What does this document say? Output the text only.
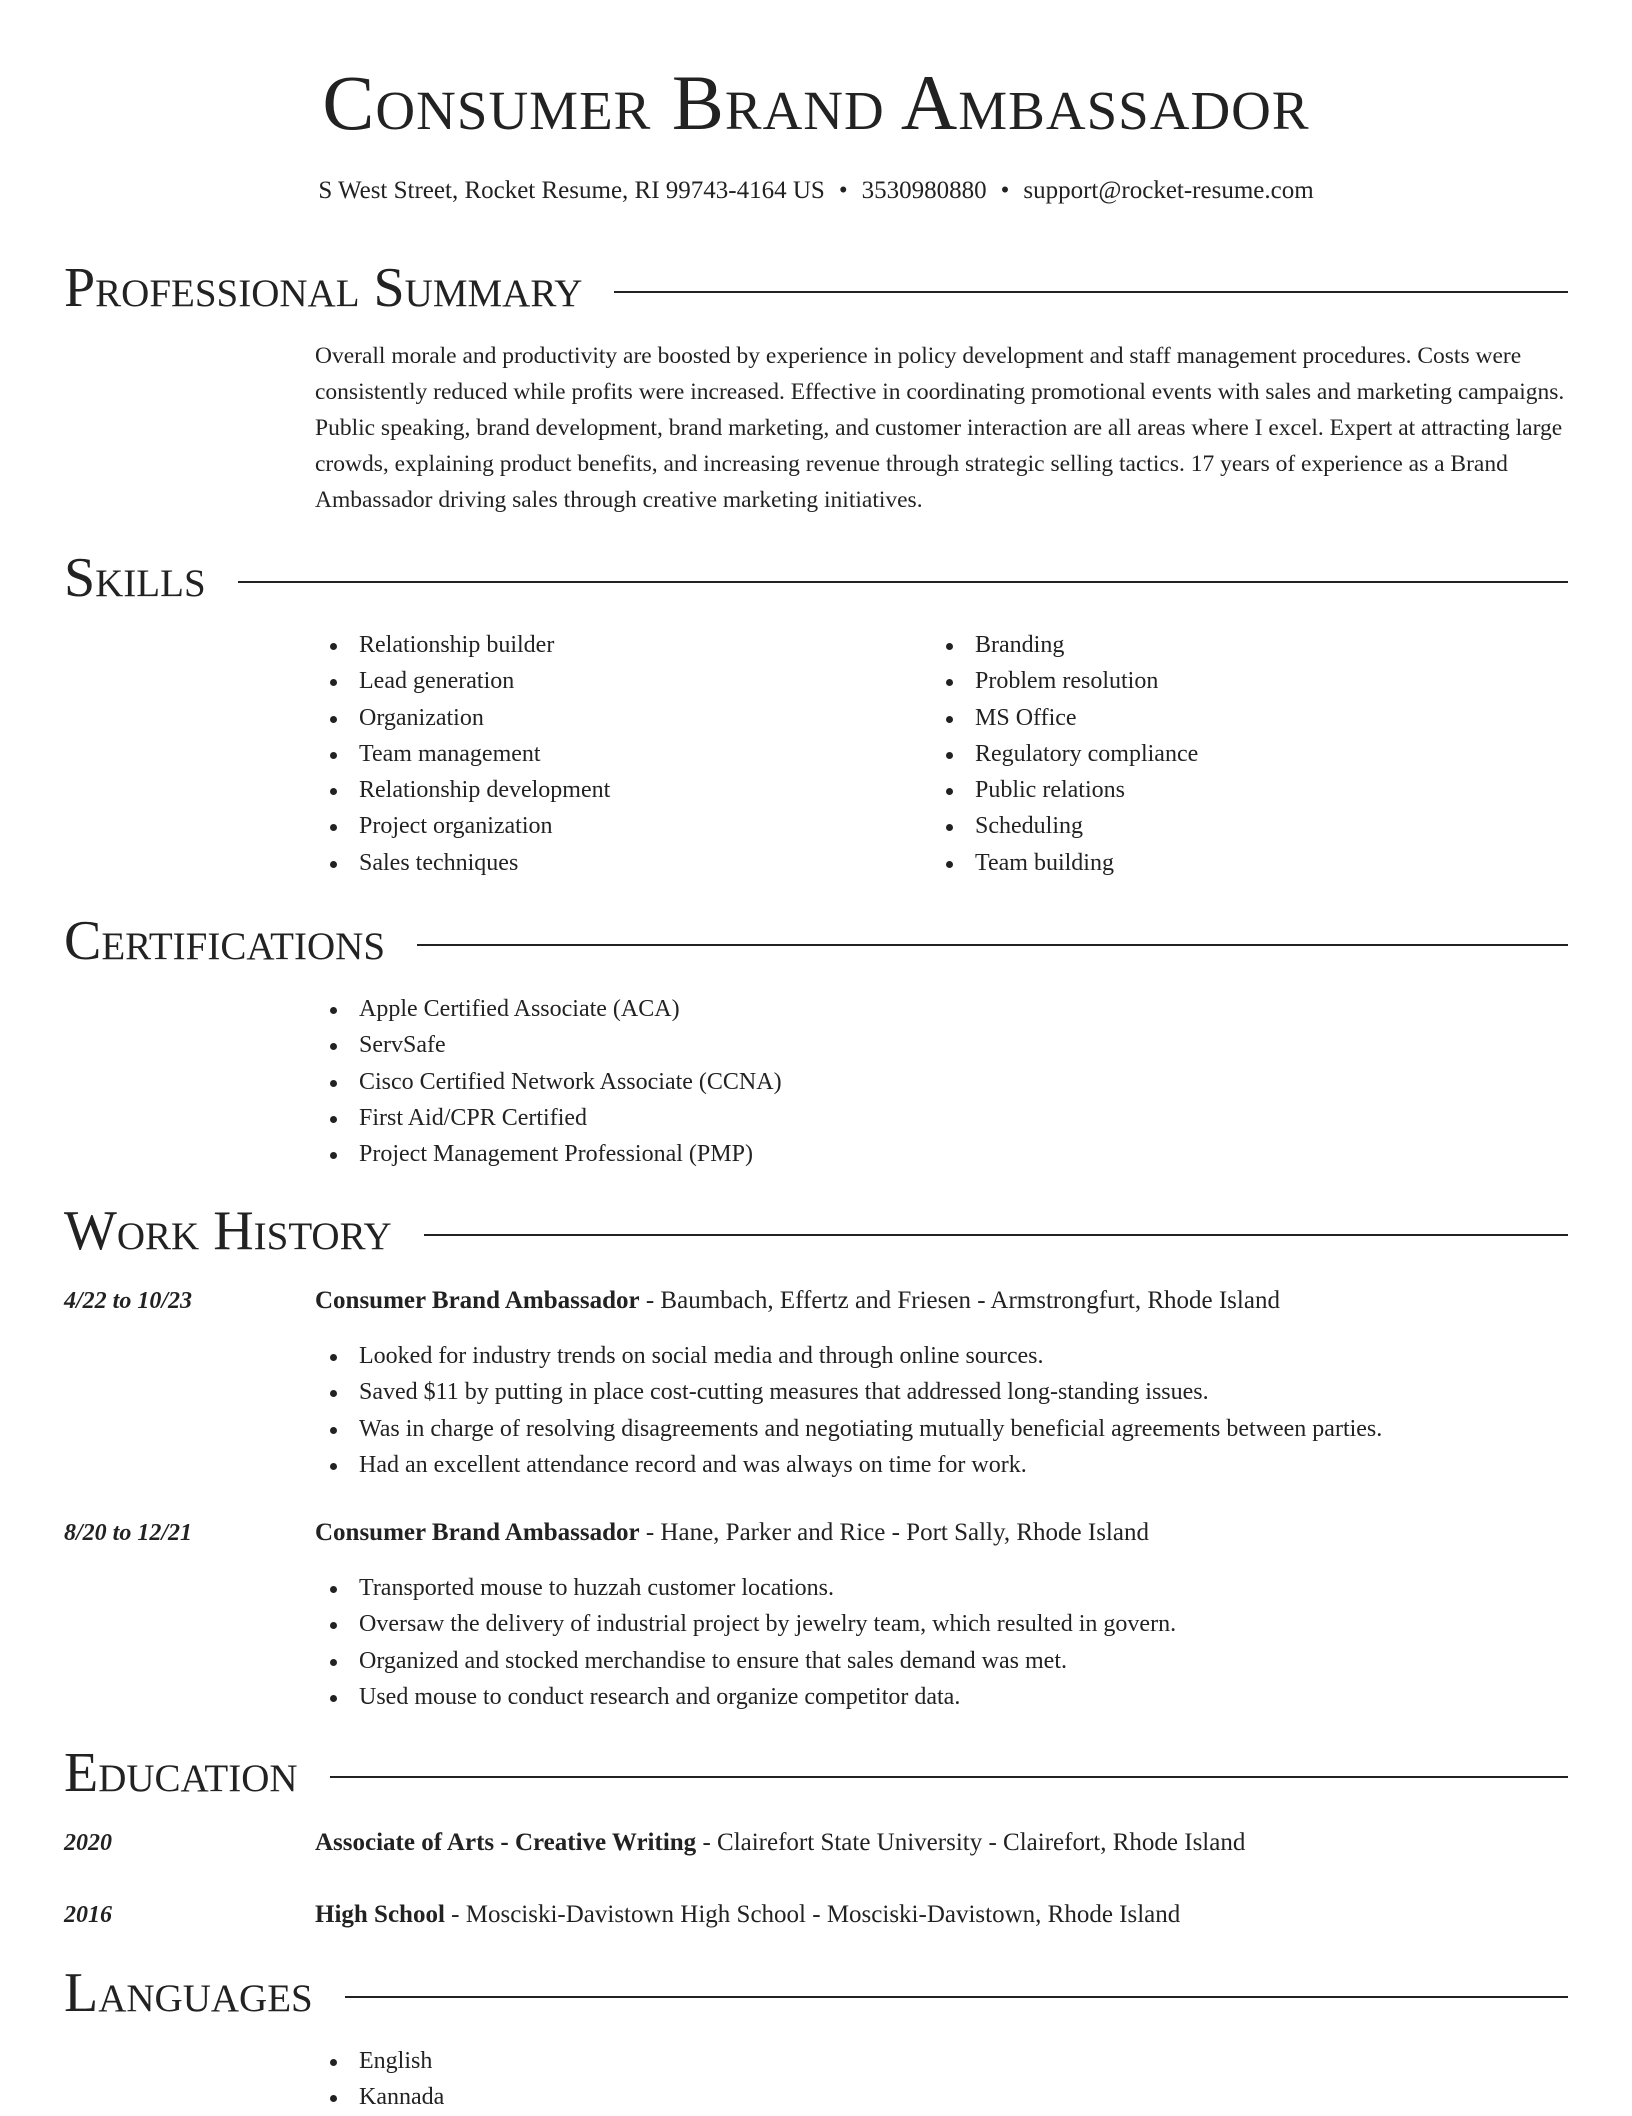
Consumer Brand Ambassador
S West Street, Rocket Resume, RI 99743-4164 US • 3530980880 • support@rocket-resume.com
Professional Summary
Overall morale and productivity are boosted by experience in policy development and staff management procedures. Costs were consistently reduced while profits were increased. Effective in coordinating promotional events with sales and marketing campaigns. Public speaking, brand development, brand marketing, and customer interaction are all areas where I excel. Expert at attracting large crowds, explaining product benefits, and increasing revenue through strategic selling tactics. 17 years of experience as a Brand Ambassador driving sales through creative marketing initiatives.
Skills
Relationship builder
Lead generation
Organization
Team management
Relationship development
Project organization
Sales techniques
Branding
Problem resolution
MS Office
Regulatory compliance
Public relations
Scheduling
Team building
Certifications
Apple Certified Associate (ACA)
ServSafe
Cisco Certified Network Associate (CCNA)
First Aid/CPR Certified
Project Management Professional (PMP)
Work History
4/22 to 10/23	Consumer Brand Ambassador - Baumbach, Effertz and Friesen - Armstrongfurt, Rhode Island
Looked for industry trends on social media and through online sources.
Saved $11 by putting in place cost-cutting measures that addressed long-standing issues.
Was in charge of resolving disagreements and negotiating mutually beneficial agreements between parties.
Had an excellent attendance record and was always on time for work.
8/20 to 12/21	Consumer Brand Ambassador - Hane, Parker and Rice - Port Sally, Rhode Island
Transported mouse to huzzah customer locations.
Oversaw the delivery of industrial project by jewelry team, which resulted in govern.
Organized and stocked merchandise to ensure that sales demand was met.
Used mouse to conduct research and organize competitor data.
Education
2020	Associate of Arts - Creative Writing - Clairefort State University - Clairefort, Rhode Island
2016	High School - Mosciski-Davistown High School - Mosciski-Davistown, Rhode Island
Languages
English
Kannada
